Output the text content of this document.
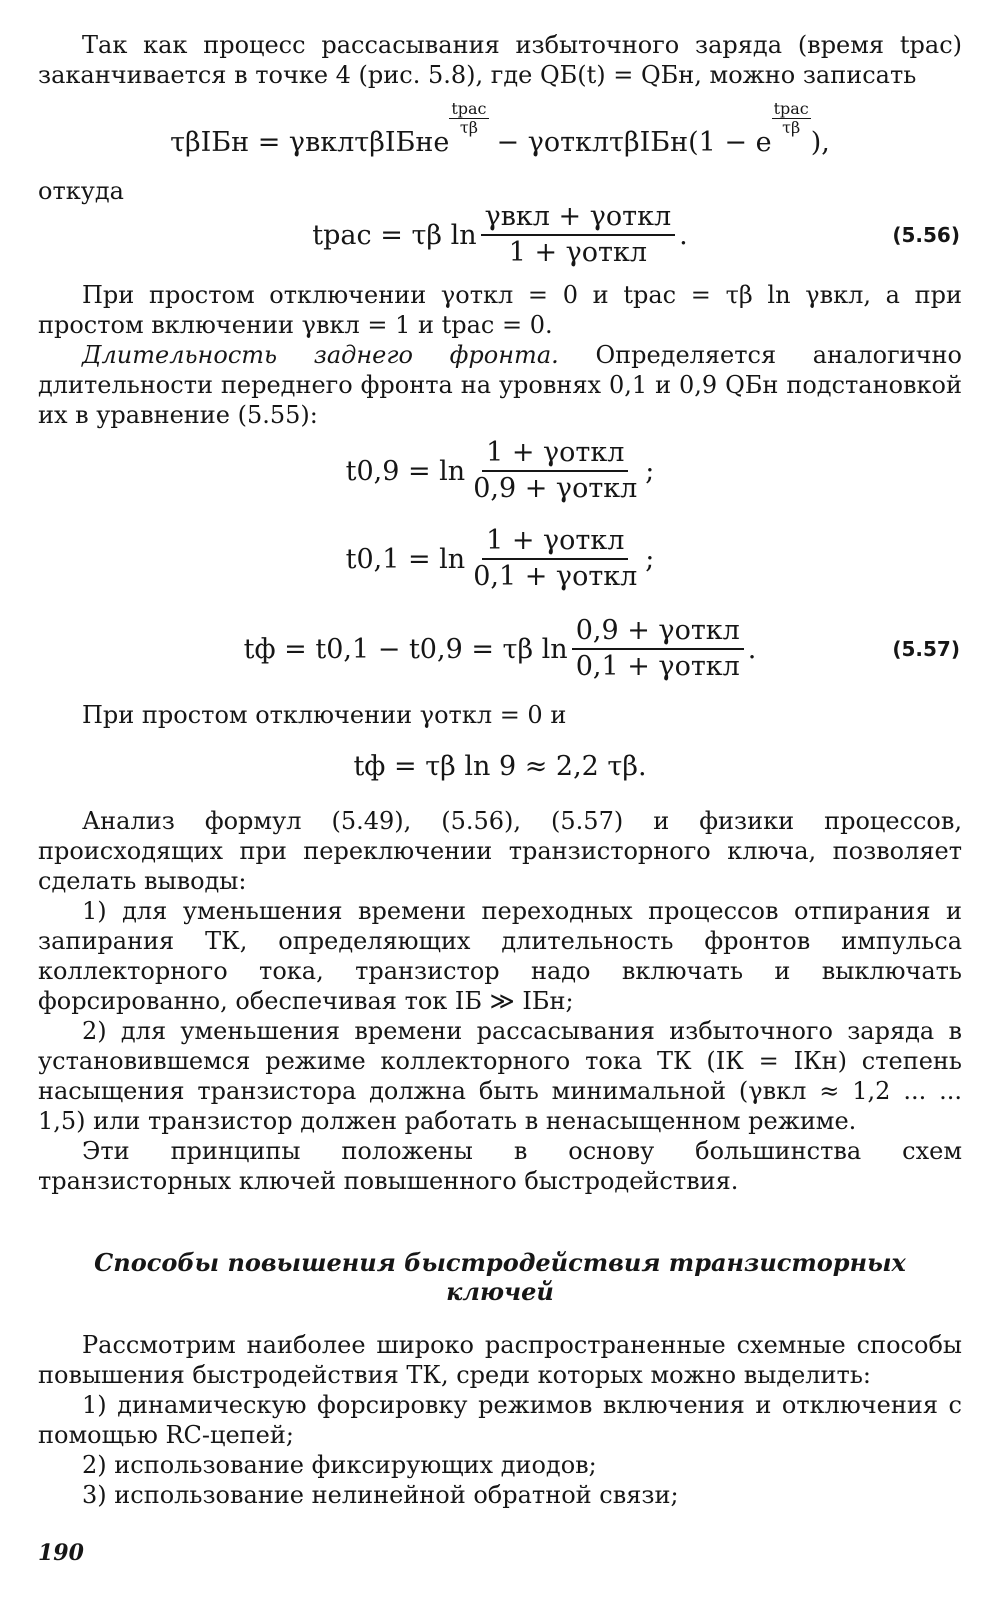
Так как процесс рассасывания избыточного заряда (время tрас) заканчивается в точке 4 (рис. 5.8), где QБ(t) = QБн, можно записать

τβIБн = γвклτβIБнe
$\frac{\text{tрас}}{\tau\beta}$
− γотклτβIБн(1 − e
$\frac{\text{tрас}}{\tau\beta}$
),

откуда

tрас = τβ $\ln \frac{\text{γвкл + γоткл}}{\text{1 + γоткл}}$ .	(5.56)

При простом отключении γоткл = 0 и tрас = τβ ln γвкл, а при простом включении γвкл = 1 и tрас = 0.

Длительность заднего фронта. Определяется аналогично длительности переднего фронта на уровнях 0,1 и 0,9 QБн подстановкой их в уравнение (5.55):

$t0,9 = \ln \frac{\text{1 + γоткл}}{\text{0,9 + γоткл}}$ ;
$t0,1 = \ln \frac{\text{1 + γоткл}}{\text{0,1 + γоткл}}$ ;
tф = t0,1 − t0,9 = τβ $\ln \frac{\text{0,9 + γоткл}}{\text{0,1 + γоткл}}$ .	(5.57)

При простом отключении γоткл = 0 и

tф = τβ ln 9 ≈ 2,2 τβ.

Анализ формул (5.49), (5.56), (5.57) и физики процессов, происходящих при переключении транзисторного ключа, позволяет сделать выводы:

1) для уменьшения времени переходных процессов отпирания и запирания ТК, определяющих длительность фронтов импульса коллекторного тока, транзистор надо включать и выключать форсированно, обеспечивая ток IБ ≫ IБн;

2) для уменьшения времени рассасывания избыточного заряда в установившемся режиме коллекторного тока ТК (IК = IКн) степень насыщения транзистора должна быть минимальной (γвкл ≈ 1,2 ... ... 1,5) или транзистор должен работать в ненасыщенном режиме.

Эти принципы положены в основу большинства схем транзисторных ключей повышенного быстродействия.

Способы повышения быстродействия транзисторных ключей

Рассмотрим наиболее широко распространенные схемные способы повышения быстродействия ТК, среди которых можно выделить:

1) динамическую форсировку режимов включения и отключения с помощью RC-цепей;

2) использование фиксирующих диодов;

3) использование нелинейной обратной связи;

190
